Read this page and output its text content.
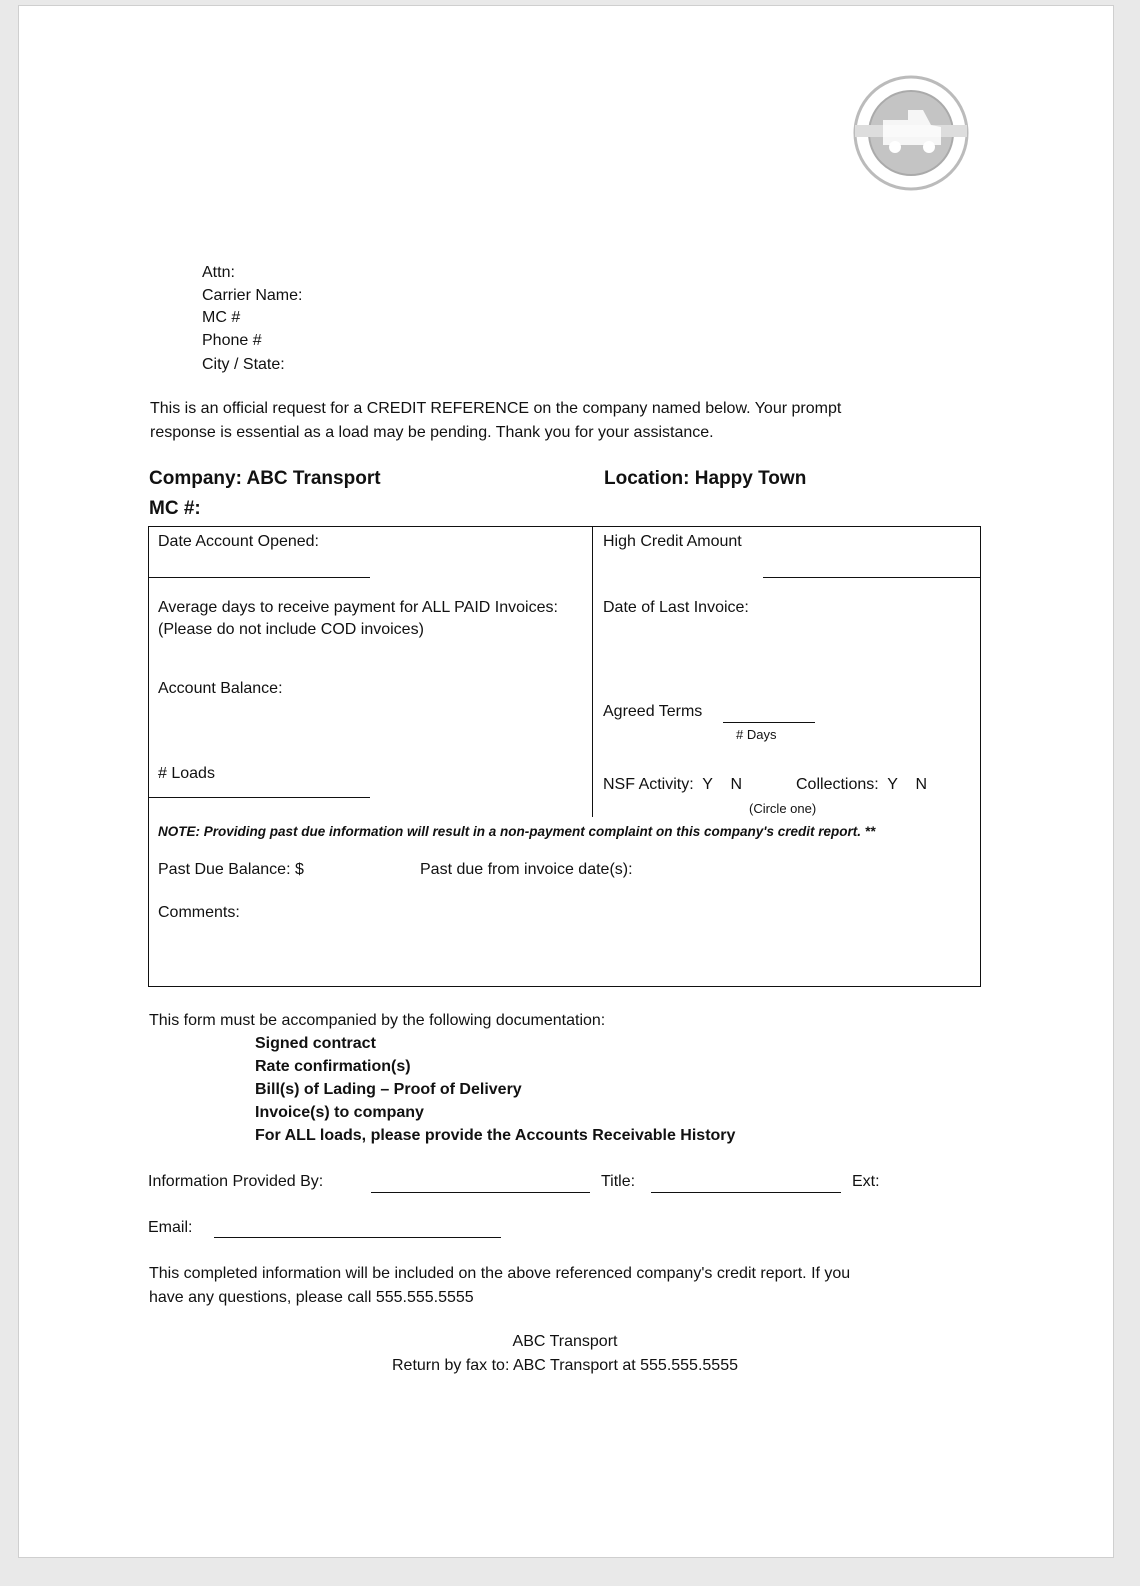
Attn:
Carrier Name:
MC #
Phone #
City / State:
This is an official request for a CREDIT REFERENCE on the company named below. Your prompt
response is essential as a load may be pending. Thank you for your assistance.
Company: ABC Transport	Location: Happy Town
MC #:
Date Account Opened:	High Credit Amount
Average days to receive payment for ALL PAID Invoices:
(Please do not include COD invoices)
Date of Last Invoice:
Account Balance:
Agreed Terms
# Days
# Loads
NSF Activity:  Y    N	Collections:  Y    N
(Circle one)
NOTE: Providing past due information will result in a non-payment complaint on this company's credit report. **
Past Due Balance: $	Past due from invoice date(s):
Comments:
This form must be accompanied by the following documentation:
Signed contract
Rate confirmation(s)
Bill(s) of Lading – Proof of Delivery
Invoice(s) to company
For ALL loads, please provide the Accounts Receivable History
Information Provided By:	Title:	Ext:
Email:
This completed information will be included on the above referenced company's credit report. If you
have any questions, please call 555.555.5555
ABC Transport
Return by fax to: ABC Transport at 555.555.5555
